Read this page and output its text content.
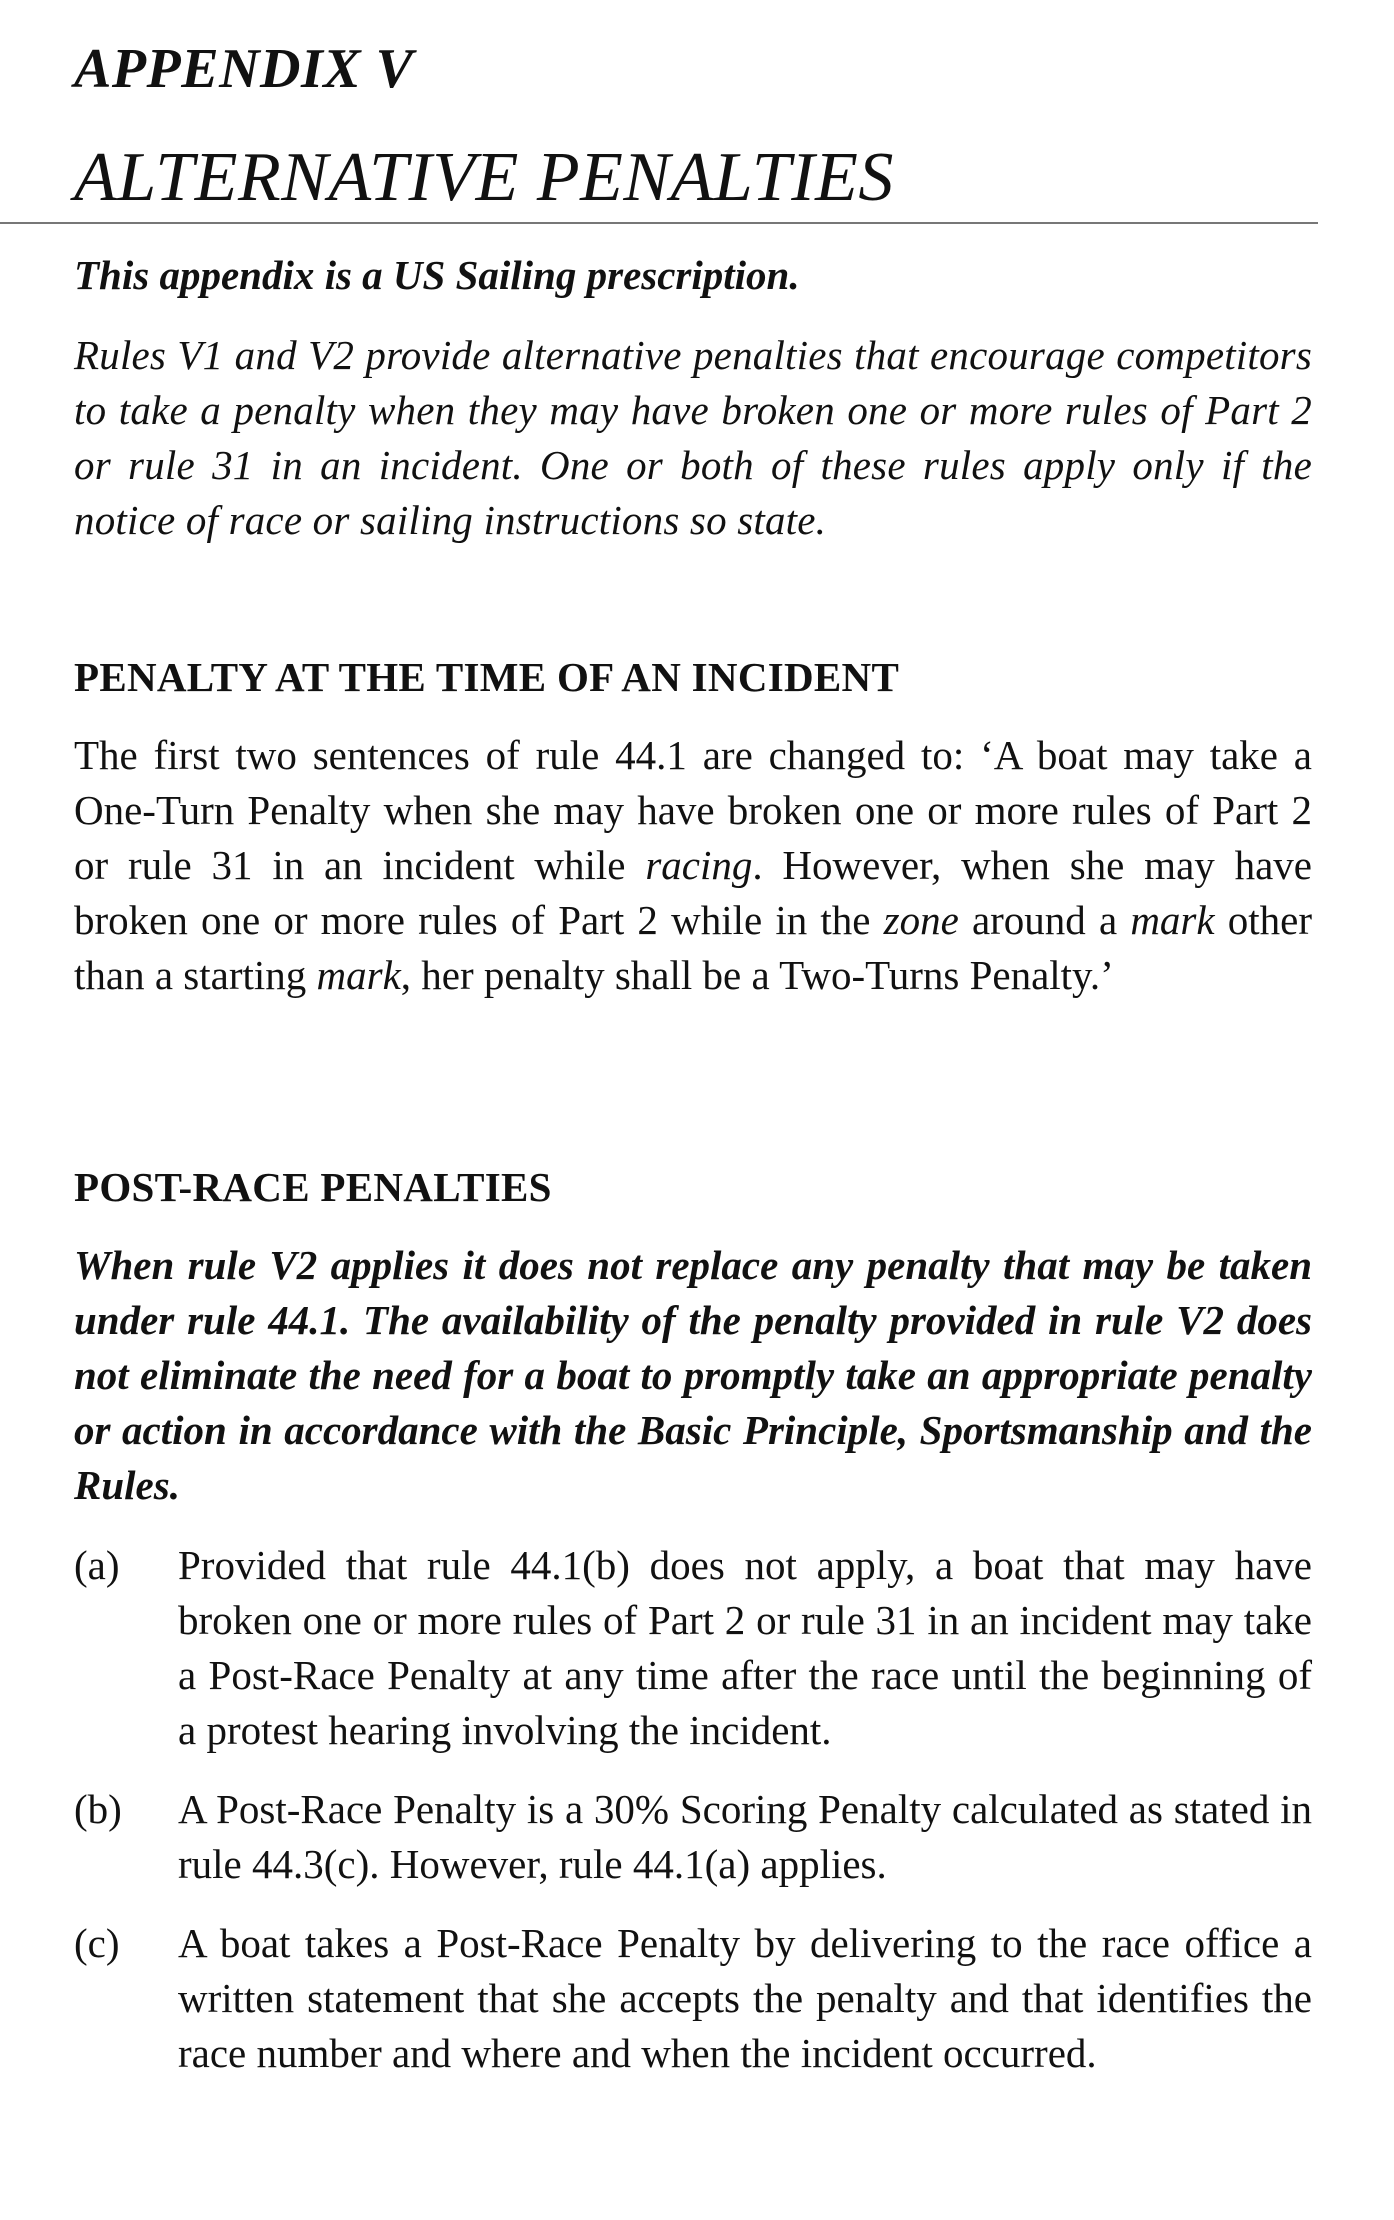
APPENDIX V
ALTERNATIVE PENALTIES

This appendix is a US Sailing prescription.

Rules V1 and V2 provide alternative penalties that encourage competitors to take a penalty when they may have broken one or more rules of Part 2 or rule 31 in an incident. One or both of these rules apply only if the notice of race or sailing instructions so state.

PENALTY AT THE TIME OF AN INCIDENT

The first two sentences of rule 44.1 are changed to: ‘A boat may take a One-Turn Penalty when she may have broken one or more rules of Part 2 or rule 31 in an incident while racing. However, when she may have broken one or more rules of Part 2 while in the zone around a mark other than a starting mark, her penalty shall be a Two-Turns Penalty.’

POST-RACE PENALTIES

When rule V2 applies it does not replace any penalty that may be taken under rule 44.1. The availability of the penalty provided in rule V2 does not eliminate the need for a boat to promptly take an appropriate penalty or action in accordance with the Basic Principle, Sportsmanship and the Rules.

(a) Provided that rule 44.1(b) does not apply, a boat that may have broken one or more rules of Part 2 or rule 31 in an incident may take a Post-Race Penalty at any time after the race until the beginning of a protest hearing involving the incident.

(b) A Post-Race Penalty is a 30% Scoring Penalty calculated as stated in rule 44.3(c). However, rule 44.1(a) applies.

(c) A boat takes a Post-Race Penalty by delivering to the race office a written statement that she accepts the penalty and that identifies the race number and where and when the incident occurred.
